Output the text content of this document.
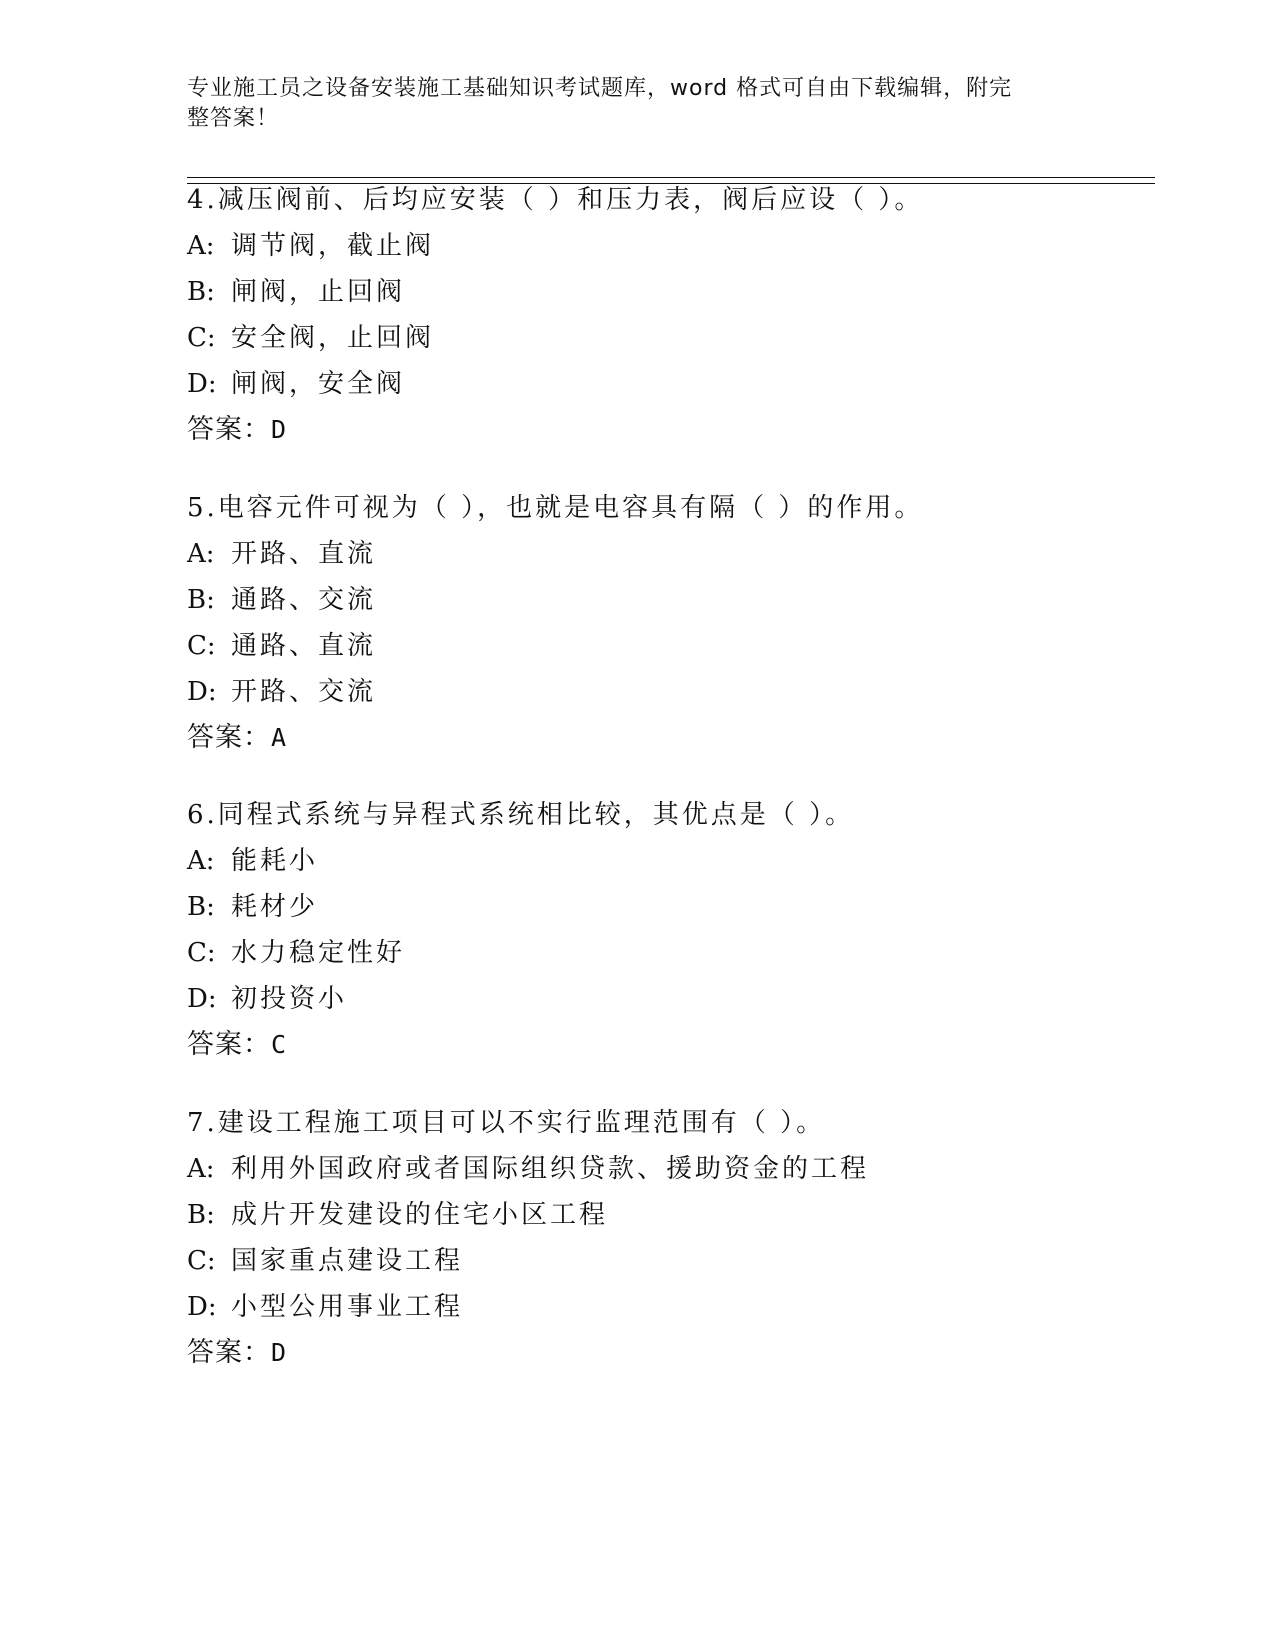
专业施工员之设备安装施工基础知识考试题库，word 格式可自由下载编辑，附完
整答案！
4.减压阀前、后均应安装（ ）和压力表，阀后应设（ ）。
A: 调节阀，截止阀
B: 闸阀，止回阀
C: 安全阀，止回阀
D: 闸阀，安全阀
答案：D
5.电容元件可视为（ ），也就是电容具有隔（ ）的作用。
A: 开路、直流
B: 通路、交流
C: 通路、直流
D: 开路、交流
答案：A
6.同程式系统与异程式系统相比较，其优点是（ ）。
A: 能耗小
B: 耗材少
C: 水力稳定性好
D: 初投资小
答案：C
7.建设工程施工项目可以不实行监理范围有（ ）。
A: 利用外国政府或者国际组织贷款、援助资金的工程
B: 成片开发建设的住宅小区工程
C: 国家重点建设工程
D: 小型公用事业工程
答案：D
